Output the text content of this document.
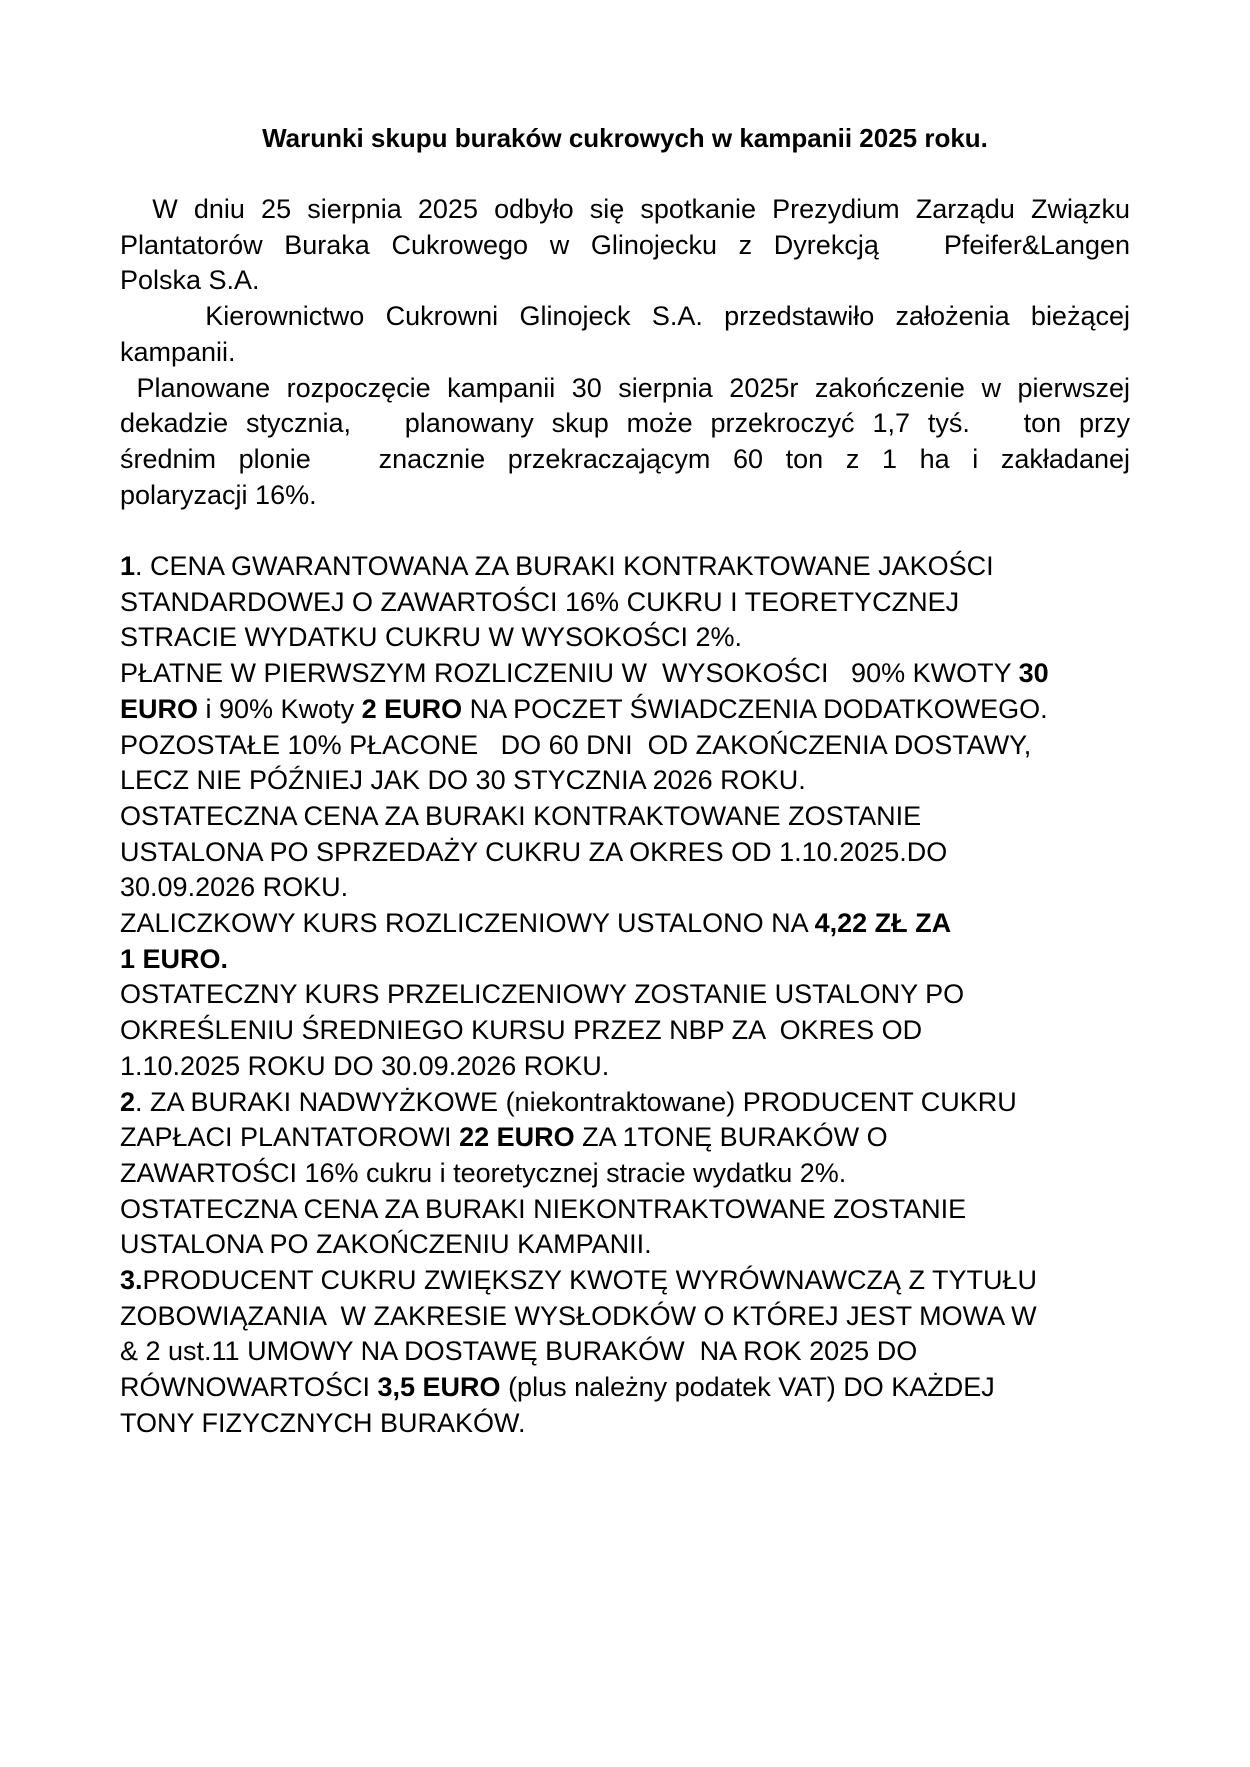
Warunki skupu buraków cukrowych w kampanii 2025 roku.
W dniu 25 sierpnia 2025 odbyło się spotkanie Prezydium Zarządu Związku
Plantatorów Buraka Cukrowego w Glinojecku z Dyrekcją   Pfeifer&Langen
Polska S.A.
Kierownictwo Cukrowni Glinojeck S.A. przedstawiło założenia bieżącej
kampanii.
Planowane rozpoczęcie kampanii 30 sierpnia 2025r zakończenie w pierwszej
dekadzie stycznia,   planowany skup może przekroczyć 1,7 tyś.   ton przy
średnim plonie   znacznie przekraczającym 60 ton z 1 ha i zakładanej
polaryzacji 16%.
1. CENA GWARANTOWANA ZA BURAKI KONTRAKTOWANE JAKOŚCI
STANDARDOWEJ O ZAWARTOŚCI 16% CUKRU I TEORETYCZNEJ
STRACIE WYDATKU CUKRU W WYSOKOŚCI 2%.
PŁATNE W PIERWSZYM ROZLICZENIU W  WYSOKOŚCI   90% KWOTY 30
EURO i 90% Kwoty 2 EURO NA POCZET ŚWIADCZENIA DODATKOWEGO.
POZOSTAŁE 10% PŁACONE   DO 60 DNI  OD ZAKOŃCZENIA DOSTAWY,
LECZ NIE PÓŹNIEJ JAK DO 30 STYCZNIA 2026 ROKU.
OSTATECZNA CENA ZA BURAKI KONTRAKTOWANE ZOSTANIE
USTALONA PO SPRZEDAŻY CUKRU ZA OKRES OD 1.10.2025.DO
30.09.2026 ROKU.
ZALICZKOWY KURS ROZLICZENIOWY USTALONO NA 4,22 ZŁ ZA
1 EURO.
OSTATECZNY KURS PRZELICZENIOWY ZOSTANIE USTALONY PO
OKREŚLENIU ŚREDNIEGO KURSU PRZEZ NBP ZA  OKRES OD
1.10.2025 ROKU DO 30.09.2026 ROKU.
2. ZA BURAKI NADWYŻKOWE (niekontraktowane) PRODUCENT CUKRU
ZAPŁACI PLANTATOROWI 22 EURO ZA 1TONĘ BURAKÓW O
ZAWARTOŚCI 16% cukru i teoretycznej stracie wydatku 2%.
OSTATECZNA CENA ZA BURAKI NIEKONTRAKTOWANE ZOSTANIE
USTALONA PO ZAKOŃCZENIU KAMPANII.
3.PRODUCENT CUKRU ZWIĘKSZY KWOTĘ WYRÓWNAWCZĄ Z TYTUŁU
ZOBOWIĄZANIA  W ZAKRESIE WYSŁODKÓW O KTÓREJ JEST MOWA W
& 2 ust.11 UMOWY NA DOSTAWĘ BURAKÓW  NA ROK 2025 DO
RÓWNOWARTOŚCI 3,5 EURO (plus należny podatek VAT) DO KAŻDEJ
TONY FIZYCZNYCH BURAKÓW.
